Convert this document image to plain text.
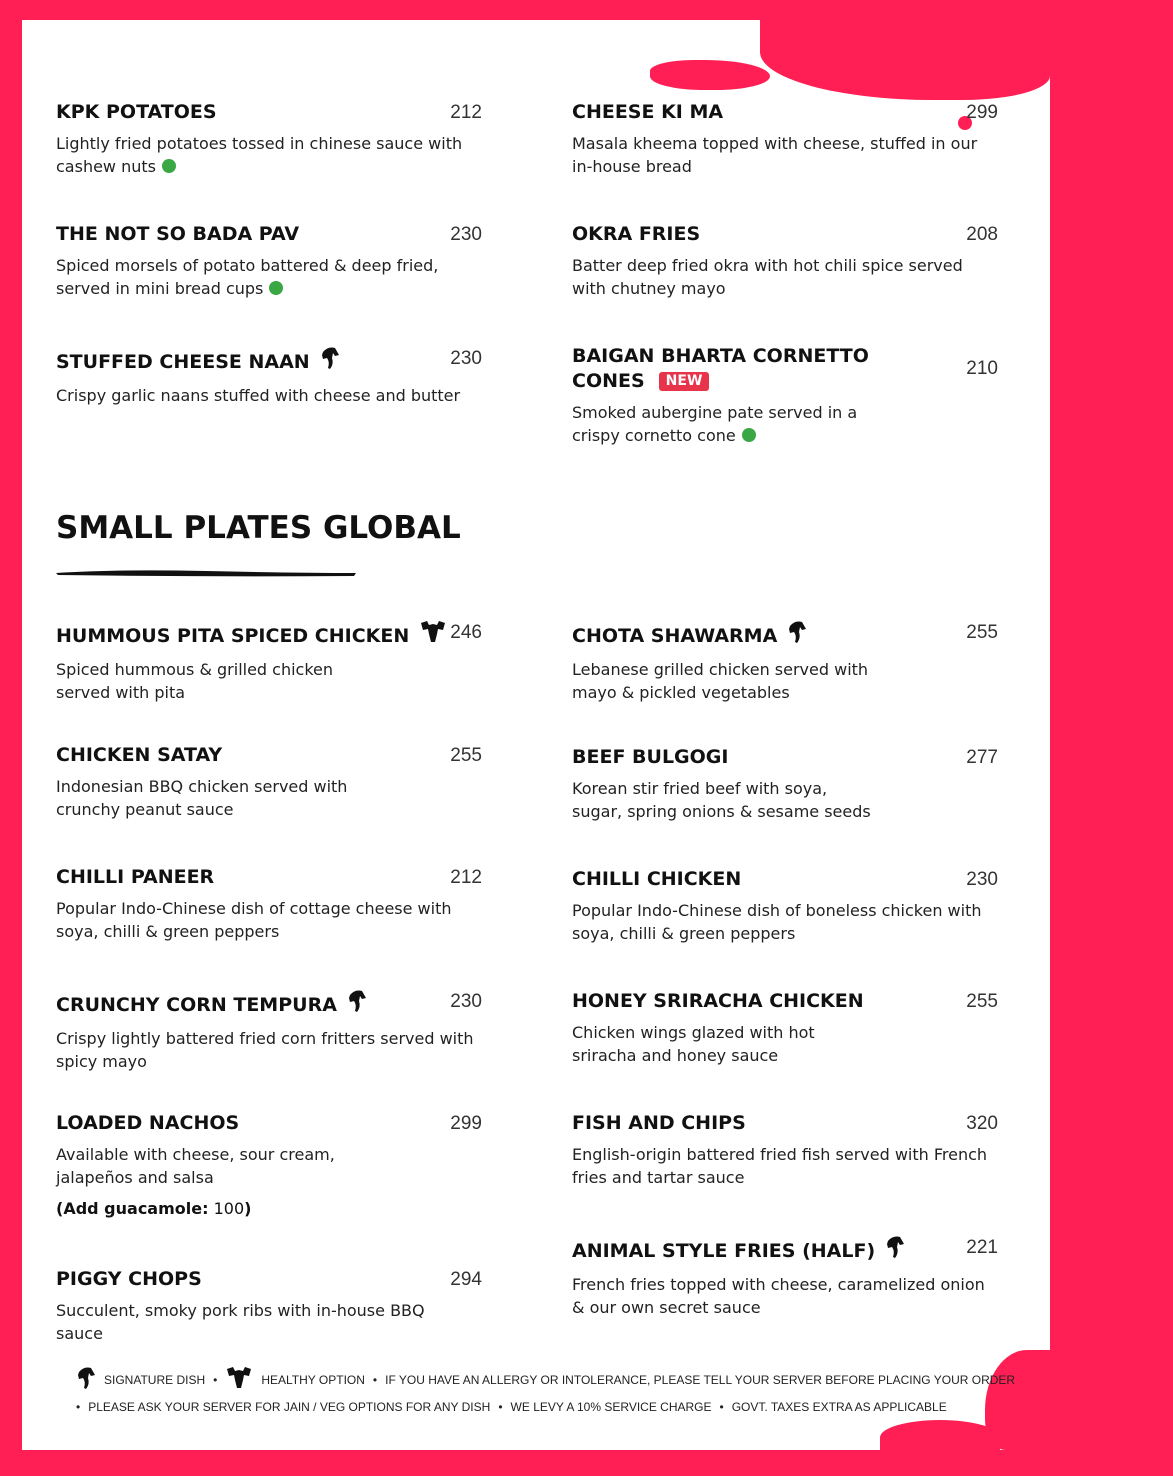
KPK POTATOES	212
Lightly fried potatoes tossed in chinese sauce with cashew nuts
THE NOT SO BADA PAV	230
Spiced morsels of potato battered & deep fried, served in mini bread cups
STUFFED CHEESE NAAN	230
Crispy garlic naans stuffed with cheese and butter
CHEESE KI MA	299
Masala kheema topped with cheese, stuffed in our in-house bread
OKRA FRIES	208
Batter deep fried okra with hot chili spice served with chutney mayo
BAIGAN BHARTA CORNETTO CONES NEW
210
Smoked aubergine pate served in a crispy cornetto cone
HUMMOUS PITA SPICED CHICKEN	246
Spiced hummous & grilled chicken served with pita
CHICKEN SATAY	255
Indonesian BBQ chicken served with crunchy peanut sauce
CHILLI PANEER	212
Popular Indo-Chinese dish of cottage cheese with soya, chilli & green peppers
CRUNCHY CORN TEMPURA	230
Crispy lightly battered fried corn fritters served with spicy mayo
LOADED NACHOS	299
Available with cheese, sour cream, jalapeños and salsa
(Add guacamole: 100)
PIGGY CHOPS	294
Succulent, smoky pork ribs with in-house BBQ sauce
CHOTA SHAWARMA	255
Lebanese grilled chicken served with mayo & pickled vegetables
BEEF BULGOGI	277
Korean stir fried beef with soya, sugar, spring onions & sesame seeds
CHILLI CHICKEN	230
Popular Indo-Chinese dish of boneless chicken with soya, chilli & green peppers
HONEY SRIRACHA CHICKEN	255
Chicken wings glazed with hot sriracha and honey sauce
FISH AND CHIPS	320
English-origin battered fried fish served with French fries and tartar sauce
ANIMAL STYLE FRIES (HALF)	221
French fries topped with cheese, caramelized onion & our own secret sauce
SMALL PLATES GLOBAL
SIGNATURE DISH •	HEALTHY OPTION • IF YOU HAVE AN ALLERGY OR INTOLERANCE, PLEASE TELL YOUR SERVER BEFORE PLACING YOUR ORDER
• PLEASE ASK YOUR SERVER FOR JAIN / VEG OPTIONS FOR ANY DISH • WE LEVY A 10% SERVICE CHARGE • GOVT. TAXES EXTRA AS APPLICABLE
